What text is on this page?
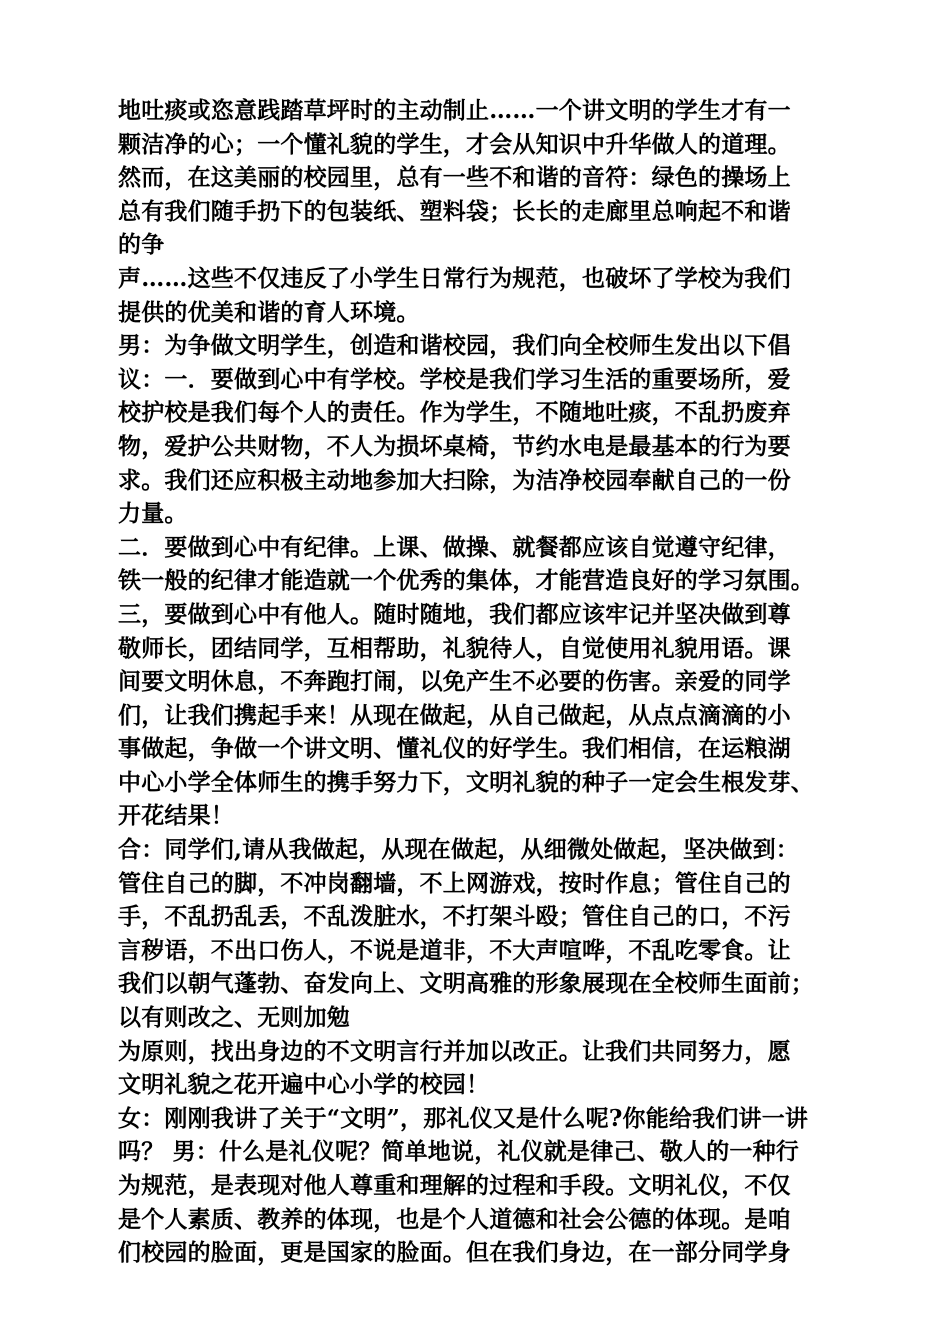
地吐痰或恣意践踏草坪时的主动制止……一个讲文明的学生才有一
颗洁净的心；一个懂礼貌的学生，才会从知识中升华做人的道理。
然而，在这美丽的校园里，总有一些不和谐的音符：绿色的操场上
总有我们随手扔下的包装纸、塑料袋；长长的走廊里总响起不和谐
的争
声……这些不仅违反了小学生日常行为规范，也破坏了学校为我们
提供的优美和谐的育人环境。
男：为争做文明学生，创造和谐校园，我们向全校师生发出以下倡
议：一．要做到心中有学校。学校是我们学习生活的重要场所，爱
校护校是我们每个人的责任。作为学生，不随地吐痰，不乱扔废弃
物，爱护公共财物，不人为损坏桌椅，节约水电是最基本的行为要
求。我们还应积极主动地参加大扫除，为洁净校园奉献自己的一份
力量。
二．要做到心中有纪律。上课、做操、就餐都应该自觉遵守纪律，
铁一般的纪律才能造就一个优秀的集体，才能营造良好的学习氛围。
三，要做到心中有他人。随时随地，我们都应该牢记并坚决做到尊
敬师长，团结同学，互相帮助，礼貌待人，自觉使用礼貌用语。课
间要文明休息，不奔跑打闹，以免产生不必要的伤害。亲爱的同学
们，让我们携起手来！从现在做起，从自己做起，从点点滴滴的小
事做起，争做一个讲文明、懂礼仪的好学生。我们相信，在运粮湖
中心小学全体师生的携手努力下，文明礼貌的种子一定会生根发芽、
开花结果！
合：同学们,请从我做起，从现在做起，从细微处做起，坚决做到：
管住自己的脚，不冲岗翻墙，不上网游戏，按时作息；管住自己的
手，不乱扔乱丢，不乱泼脏水，不打架斗殴；管住自己的口，不污
言秽语，不出口伤人，不说是道非，不大声喧哗，不乱吃零食。让
我们以朝气蓬勃、奋发向上、文明高雅的形象展现在全校师生面前；
以有则改之、无则加勉
为原则，找出身边的不文明言行并加以改正。让我们共同努力，愿
文明礼貌之花开遍中心小学的校园！
女：刚刚我讲了关于“文明”，那礼仪又是什么呢?你能给我们讲一讲
吗？ 男：什么是礼仪呢？简单地说，礼仪就是律己、敬人的一种行
为规范，是表现对他人尊重和理解的过程和手段。文明礼仪，不仅
是个人素质、教养的体现，也是个人道德和社会公德的体现。是咱
们校园的脸面，更是国家的脸面。但在我们身边，在一部分同学身
